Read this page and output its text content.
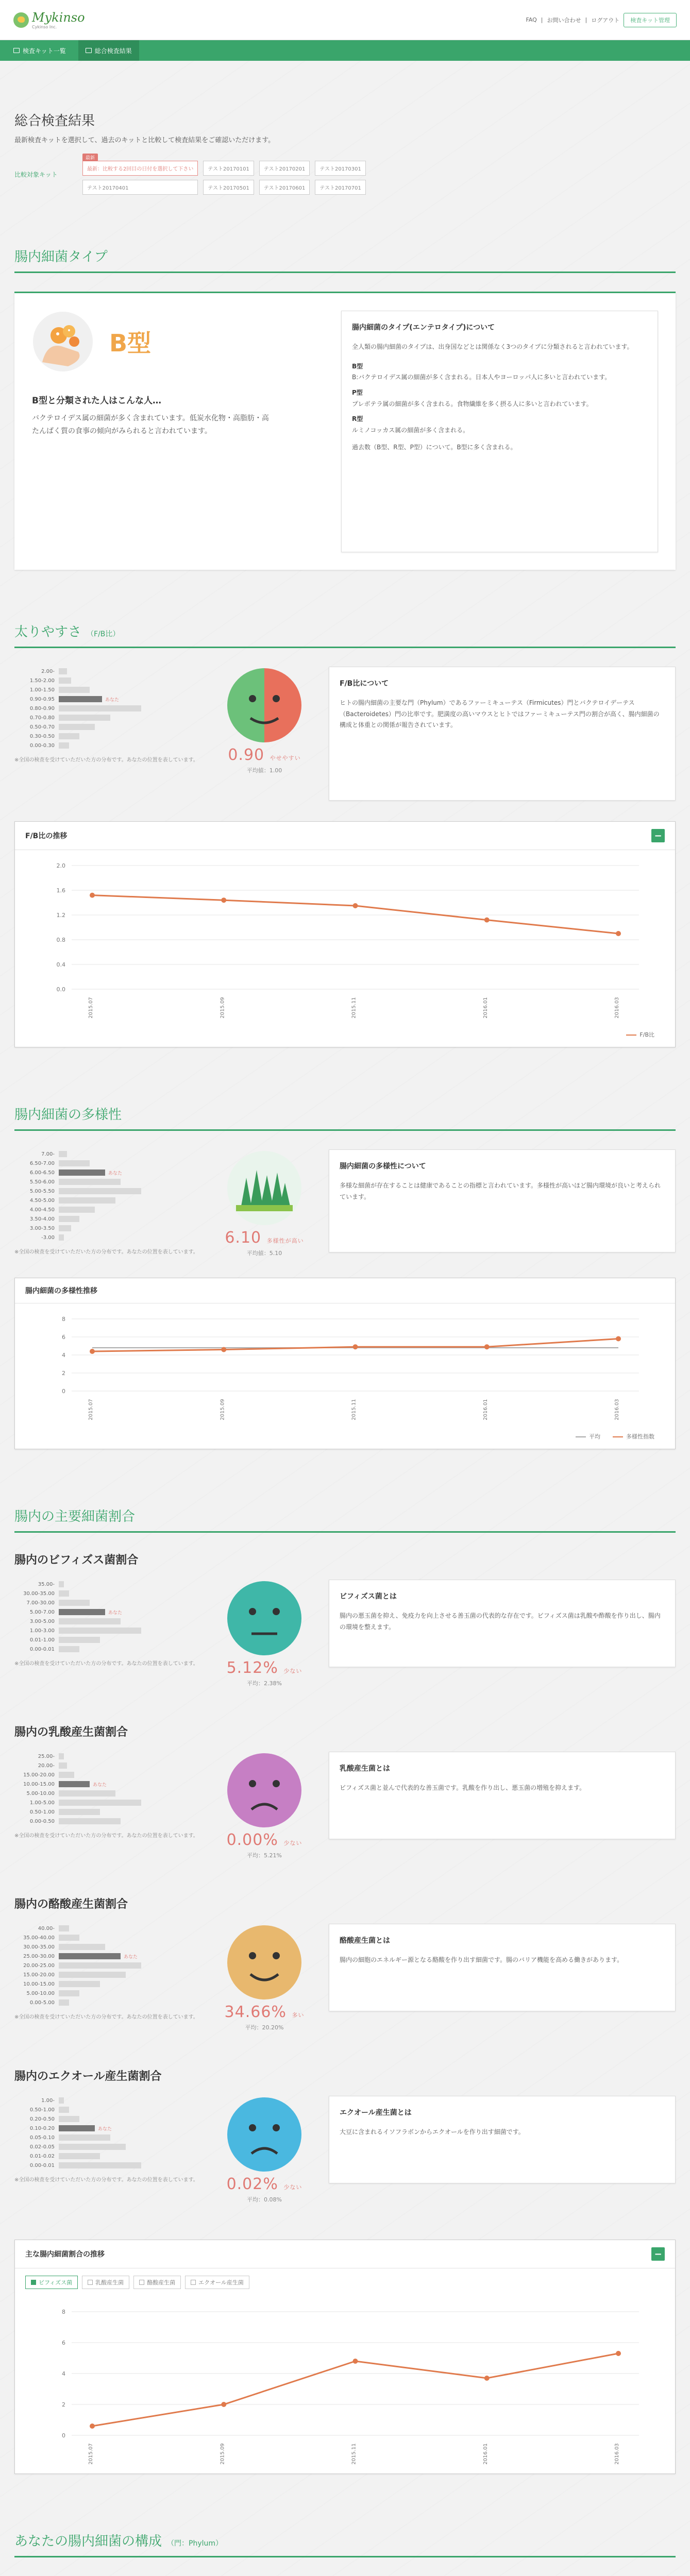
Mykinso
Cykinso Inc.
FAQ | お問い合わせ | ログアウト	検査キット管理
検査キット一覧	総合検査結果
総合検査結果

最新検査キットを選択して、過去のキットと比較して検査結果をご確認いただけます。

比較対象キット
最新
最新：比較する2回目の日付を選択して下さい	テスト20170101	テスト20170201	テスト20170301
テスト20170401	テスト20170501	テスト20170601	テスト20170701
腸内細菌タイプ
B型
B型と分類された人はこんな人…
バクテロイデス属の細菌が多く含まれています。低炭水化物・高脂肪・高たんぱく質の食事の傾向がみられると言われています。
腸内細菌のタイプ(エンテロタイプ)について

全人類の腸内細菌のタイプは、出身国などとは関係なく3つのタイプに分類されると言われています。

B型

B:バクテロイデス属の細菌が多く含まれる。日本人やヨーロッパ人に多いと言われています。

P型

プレボテラ属の細菌が多く含まれる。食物繊維を多く摂る人に多いと言われています。

R型

ルミノコッカス属の細菌が多く含まれる。

過去数（B型、R型、P型）について。B型に多く含まれる。

太りやすさ （F/B比）
2.00-
1.50-2.00
1.00-1.50
0.90-0.95	あなた
0.80-0.90
0.70-0.80
0.50-0.70
0.30-0.50
0.00-0.30

※全国の検査を受けていただいた方の分布です。あなたの位置を表しています。	0.90 やせやすい
平均値：1.00
F/B比について

ヒトの腸内細菌の主要な門（Phylum）であるファーミキューテス（Firmicutes）門とバクテロイデーテス（Bacteroidetes）門の比率です。肥満度の高いマウスとヒトではファーミキューテス門の割合が高く、腸内細菌の構成と体重との関係が報告されています。

F/B比の推移	−
0.0
0.4
0.8
1.2
1.6
2.0
2015.07	2015.09	2015.11	2016.01	2016.03
F/B比
腸内細菌の多様性
7.00-
6.50-7.00
6.00-6.50	あなた
5.50-6.00
5.00-5.50
4.50-5.00
4.00-4.50
3.50-4.00
3.00-3.50
-3.00

※全国の検査を受けていただいた方の分布です。あなたの位置を表しています。

6.10 多様性が高い
平均値：5.10
腸内細菌の多様性について

多様な細菌が存在することは健康であることの指標と言われています。多様性が高いほど腸内環境が良いと考えられています。

腸内細菌の多様性推移
0
2
4
6
8
2015.07	2015.09	2015.11	2016.01	2016.03
平均	多様性指数
腸内の主要細菌割合
腸内のビフィズス菌割合
35.00-
30.00-35.00
7.00-30.00
5.00-7.00	あなた
3.00-5.00
1.00-3.00
0.01-1.00
0.00-0.01

※全国の検査を受けていただいた方の分布です。あなたの位置を表しています。	5.12% 少ない
平均：2.38%
ビフィズス菌とは

腸内の悪玉菌を抑え、免疫力を向上させる善玉菌の代表的な存在です。ビフィズス菌は乳酸や酢酸を作り出し、腸内の環境を整えます。

腸内の乳酸産生菌割合
25.00-
20.00-
15.00-20.00
10.00-15.00	あなた
5.00-10.00
1.00-5.00
0.50-1.00
0.00-0.50

※全国の検査を受けていただいた方の分布です。あなたの位置を表しています。	0.00% 少ない
平均：5.21%
乳酸産生菌とは

ビフィズス菌と並んで代表的な善玉菌です。乳酸を作り出し、悪玉菌の増殖を抑えます。

腸内の酪酸産生菌割合
40.00-
35.00-40.00
30.00-35.00
25.00-30.00	あなた
20.00-25.00
15.00-20.00
10.00-15.00
5.00-10.00
0.00-5.00

※全国の検査を受けていただいた方の分布です。あなたの位置を表しています。	34.66% 多い
平均：20.20%
酪酸産生菌とは

腸内の細胞のエネルギー源となる酪酸を作り出す細菌です。腸のバリア機能を高める働きがあります。

腸内のエクオール産生菌割合
1.00-
0.50-1.00
0.20-0.50
0.10-0.20	あなた
0.05-0.10
0.02-0.05
0.01-0.02
0.00-0.01

※全国の検査を受けていただいた方の分布です。あなたの位置を表しています。	0.02% 少ない
平均：0.08%
エクオール産生菌とは

大豆に含まれるイソフラボンからエクオールを作り出す細菌です。

主な腸内細菌割合の推移	−
ビフィズス菌	乳酸産生菌	酪酸産生菌	エクオール産生菌
0
2
4
6
8
2015.07	2015.09	2015.11	2016.01	2016.03
あなたの腸内細菌の構成 （門：Phylum）
